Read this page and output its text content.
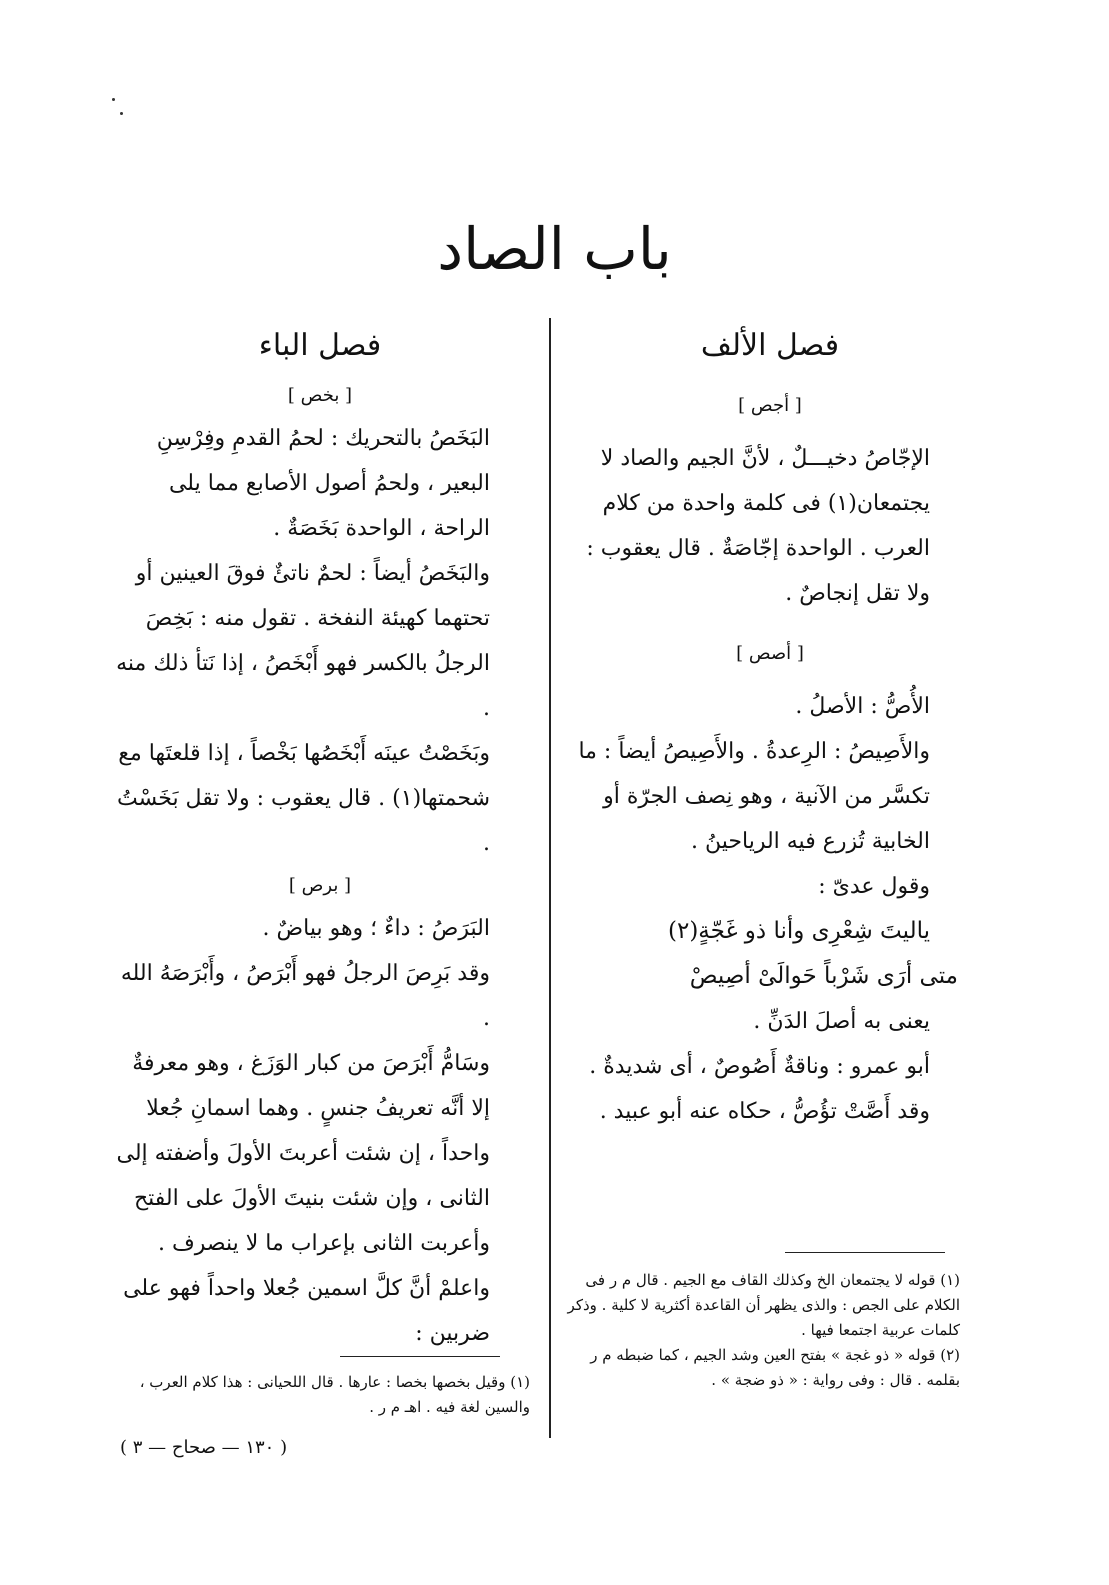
باب الصاد
فصل الألف
[ أجص ]

الإجّاصُ دخيـــلٌ ، لأنَّ الجيم والصاد لا يجتمعان(١) فى كلمة واحدة من كلام العرب . الواحدة إجّاصَةٌ . قال يعقوب : ولا تقل إنجاصٌ .

[ أصص ]

الأُصُّ : الأصلُ .

والأَصِيصُ : الرِعدةُ . والأَصِيصُ أيضاً : ما تكسَّر من الآنية ، وهو نِصف الجرّة أو الخابية تُزرع فيه الرياحينُ .

وقول عدىّ :

ياليتَ شِعْرِى وأنا ذو غَجّةٍ(٢)

متى أرَى شَرْباً حَوالَىْ أصِيصْ

يعنى به أصلَ الدَنِّ .

أبو عمرو : وناقةٌ أَصُوصٌ ، أى شديدةٌ .

وقد أَصَّتْ تؤُصُّ ، حكاه عنه أبو عبيد .

فصل الباء
[ بخص ]

البَخَصُ بالتحريك : لحمُ القدمِ وفِرْسِنِ البعير ، ولحمُ أصول الأصابع مما يلى الراحة ، الواحدة بَخَصَةٌ .

والبَخَصُ أيضاً : لحمٌ ناتئٌ فوقَ العينين أو تحتهما كهيئة النفخة . تقول منه : بَخِصَ الرجلُ بالكسر فهو أَبْخَصُ ، إذا نَتأ ذلك منه .

وبَخَصْتُ عينَه أَبْخَصُها بَخْصاً ، إذا قلعتَها مع شحمتها(١) . قال يعقوب : ولا تقل بَخَسْتُ .

[ برص ]

البَرَصُ : داءٌ ؛ وهو بياضٌ .

وقد بَرِصَ الرجلُ فهو أَبْرَصُ ، وأَبْرَصَهُ الله .

وسَامُّ أَبْرَصَ من كبار الوَزَغ ، وهو معرفةٌ إلا أنَّه تعريفُ جنسٍ . وهما اسمانِ جُعلا واحداً ، إن شئت أعربتَ الأولَ وأضفته إلى الثانى ، وإن شئت بنيتَ الأولَ على الفتح وأعربت الثانى بإعراب ما لا ينصرف .

واعلمْ أنَّ كلَّ اسمين جُعلا واحداً فهو على ضربين :

(١) قوله لا يجتمعان الخ وكذلك القاف مع الجيم . قال م ر فى الكلام على الجص : والذى يظهر أن القاعدة أكثرية لا كلية . وذكر كلمات عربية اجتمعا فيها .

(٢) قوله « ذو غجة » بفتح العين وشد الجيم ، كما ضبطه م ر بقلمه . قال : وفى رواية : « ذو ضجة » .

(١) وقيل بخصها بخصا : عارها . قال اللحيانى : هذا كلام العرب ، والسين لغة فيه . اهـ م ر .

( ١٣٠ — صحاح — ٣ )
